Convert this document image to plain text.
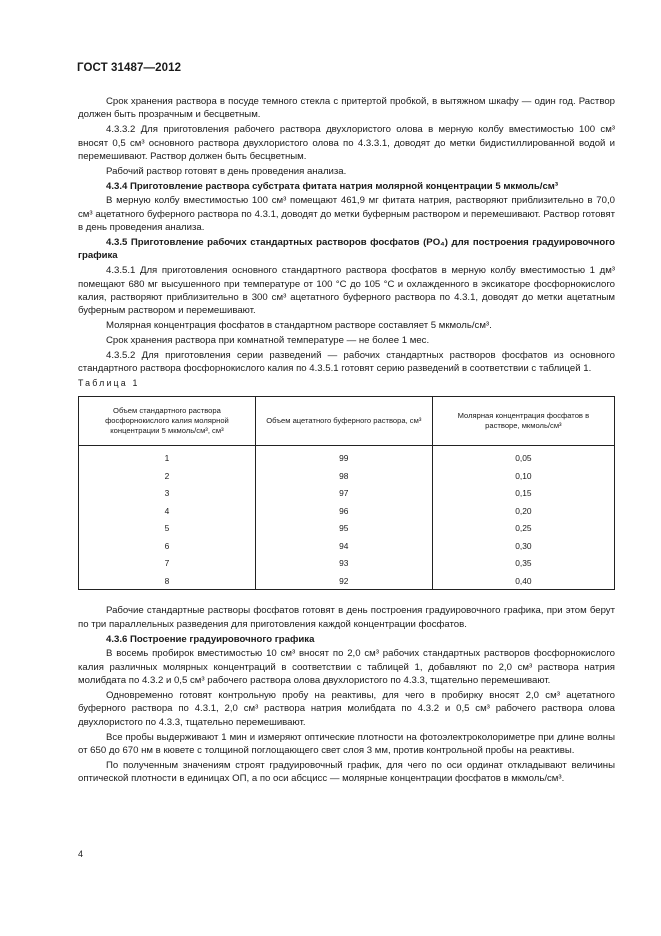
ГОСТ 31487—2012

Срок хранения раствора в посуде темного стекла с притертой пробкой, в вытяжном шкафу — один год. Раствор должен быть прозрачным и бесцветным.

4.3.3.2 Для приготовления рабочего раствора двухлористого олова в мерную колбу вместимостью 100 см³ вносят 0,5 см³ основного раствора двухлористого олова по 4.3.3.1, доводят до метки бидистиллированной водой и перемешивают. Раствор должен быть бесцветным.

Рабочий раствор готовят в день проведения анализа.

4.3.4 Приготовление раствора субстрата фитата натрия молярной концентрации 5 мкмоль/см³

В мерную колбу вместимостью 100 см³ помещают 461,9 мг фитата натрия, растворяют приблизительно в 70,0 см³ ацетатного буферного раствора по 4.3.1, доводят до метки буферным раствором и перемешивают. Раствор готовят в день проведения анализа.

4.3.5 Приготовление рабочих стандартных растворов фосфатов (PO₄) для построения градуировочного графика

4.3.5.1 Для приготовления основного стандартного раствора фосфатов в мерную колбу вместимостью 1 дм³ помещают 680 мг высушенного при температуре от 100 °С до 105 °С и охлажденного в эксикаторе фосфорнокислого калия, растворяют приблизительно в 300 см³ ацетатного буферного раствора по 4.3.1, доводят до метки ацетатным буферным раствором и перемешивают.

Молярная концентрация фосфатов в стандартном растворе составляет 5 мкмоль/см³.

Срок хранения раствора при комнатной температуре — не более 1 мес.

4.3.5.2 Для приготовления серии разведений — рабочих стандартных растворов фосфатов из основного стандартного раствора фосфорнокислого калия по 4.3.5.1 готовят серию разведений в соответствии с таблицей 1.

Таблица 1

Объем стандартного раствора фосфорнокислого калия молярной концентрации 5 мкмоль/см³, см³	Объем ацетатного буферного раствора, см³	Молярная концентрация фосфатов в растворе, мкмоль/см³
1	99	0,05
2	98	0,10
3	97	0,15
4	96	0,20
5	95	0,25
6	94	0,30
7	93	0,35
8	92	0,40

Рабочие стандартные растворы фосфатов готовят в день построения градуировочного графика, при этом берут по три параллельных разведения для приготовления каждой концентрации фосфатов.

4.3.6 Построение градуировочного графика

В восемь пробирок вместимостью 10 см³ вносят по 2,0 см³ рабочих стандартных растворов фосфорнокислого калия различных молярных концентраций в соответствии с таблицей 1, добавляют по 2,0 см³ раствора натрия молибдата по 4.3.2 и 0,5 см³ рабочего раствора олова двухлористого по 4.3.3, тщательно перемешивают.

Одновременно готовят контрольную пробу на реактивы, для чего в пробирку вносят 2,0 см³ ацетатного буферного раствора по 4.3.1, 2,0 см³ раствора натрия молибдата по 4.3.2 и 0,5 см³ рабочего раствора олова двухлористого по 4.3.3, тщательно перемешивают.

Все пробы выдерживают 1 мин и измеряют оптические плотности на фотоэлектроколориметре при длине волны от 650 до 670 нм в кювете с толщиной поглощающего свет слоя 3 мм, против контрольной пробы на реактивы.

По полученным значениям строят градуировочный график, для чего по оси ординат откладывают величины оптической плотности в единицах ОП, а по оси абсцисс — молярные концентрации фосфатов в мкмоль/см³.

4
